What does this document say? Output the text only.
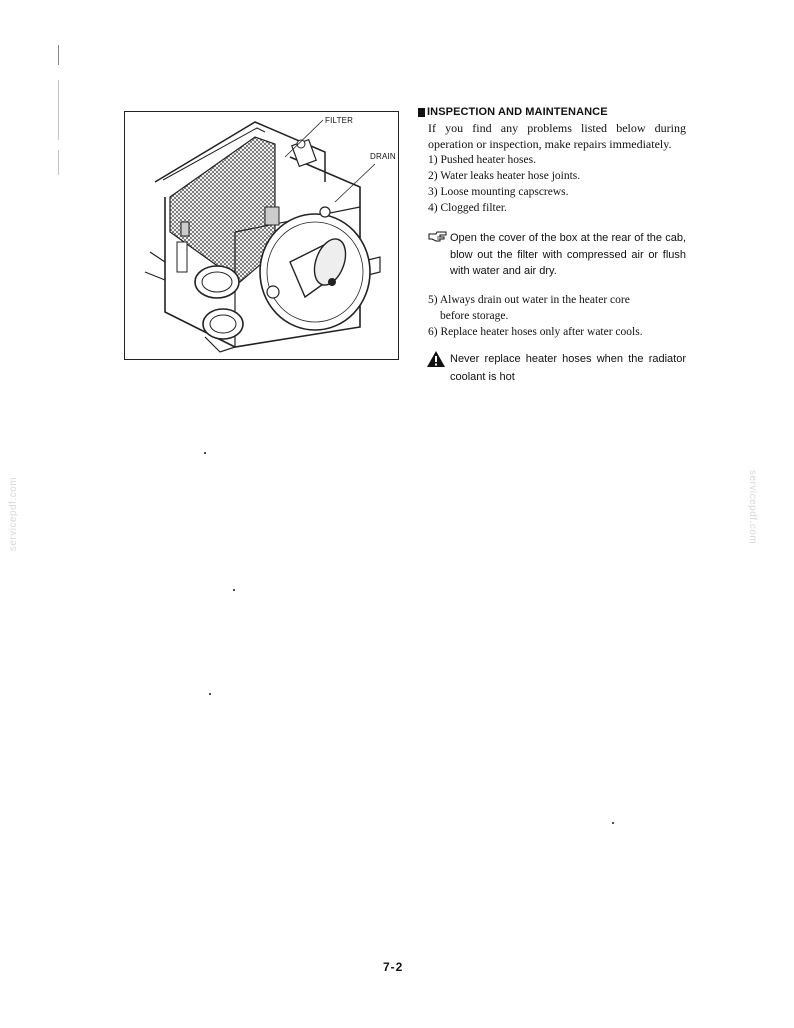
FILTER
DRAIN
INSPECTION AND MAINTENANCE
If you find any problems listed below during operation or inspection, make repairs immediately.
1) Pushed heater hoses.
2) Water leaks heater hose joints.
3) Loose mounting capscrews.
4) Clogged filter.
Open the cover of the box at the rear of the cab, blow out the filter with compressed air or flush with water and air dry.
5) Always drain out water in the heater core
before storage.
6) Replace heater hoses only after water cools.
Never replace heater hoses when the radiator coolant is hot
servicepdf.com	servicepdf.com
7-2
